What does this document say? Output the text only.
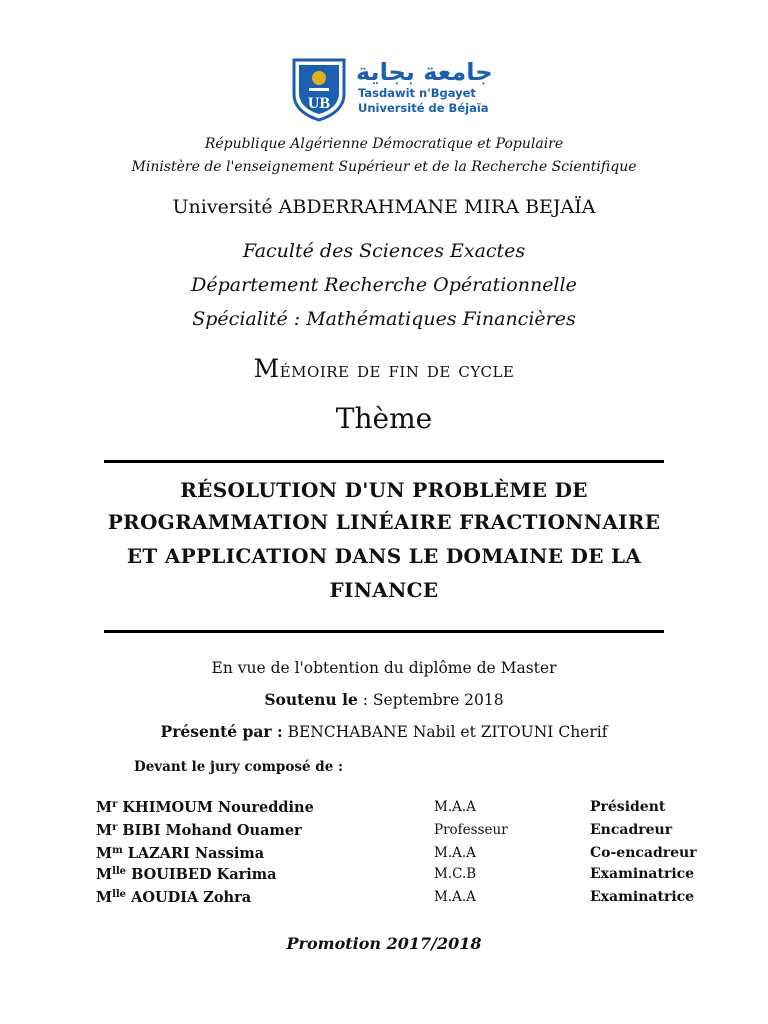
UB
جامعة بجاية
Tasdawit n'Bgayet
Université de Béjaïa
République Algérienne Démocratique et Populaire
Ministère de l'enseignement Supérieur et de la Recherche Scientifique
Université ABDERRAHMANE MIRA BEJAÏA
Faculté des Sciences Exactes
Département Recherche Opérationnelle
Spécialité : Mathématiques Financières
Mémoire de fin de cycle
Thème
RÉSOLUTION D'UN PROBLÈME DE
PROGRAMMATION LINÉAIRE FRACTIONNAIRE
ET APPLICATION DANS LE DOMAINE DE LA
FINANCE
En vue de l'obtention du diplôme de Master
Soutenu le : Septembre 2018
Présenté par : BENCHABANE Nabil et ZITOUNI Cherif
Devant le jury composé de :
$M^r$ KHIMOUM Noureddine	M.A.A	Président
$M^r$ BIBI Mohand Ouamer	Professeur	Encadreur
$M^m$ LAZARI Nassima	M.A.A	Co-encadreur
$M^{lle}$ BOUIBED Karima	M.C.B	Examinatrice
$M^{lle}$ AOUDIA Zohra	M.A.A	Examinatrice
Promotion 2017/2018
